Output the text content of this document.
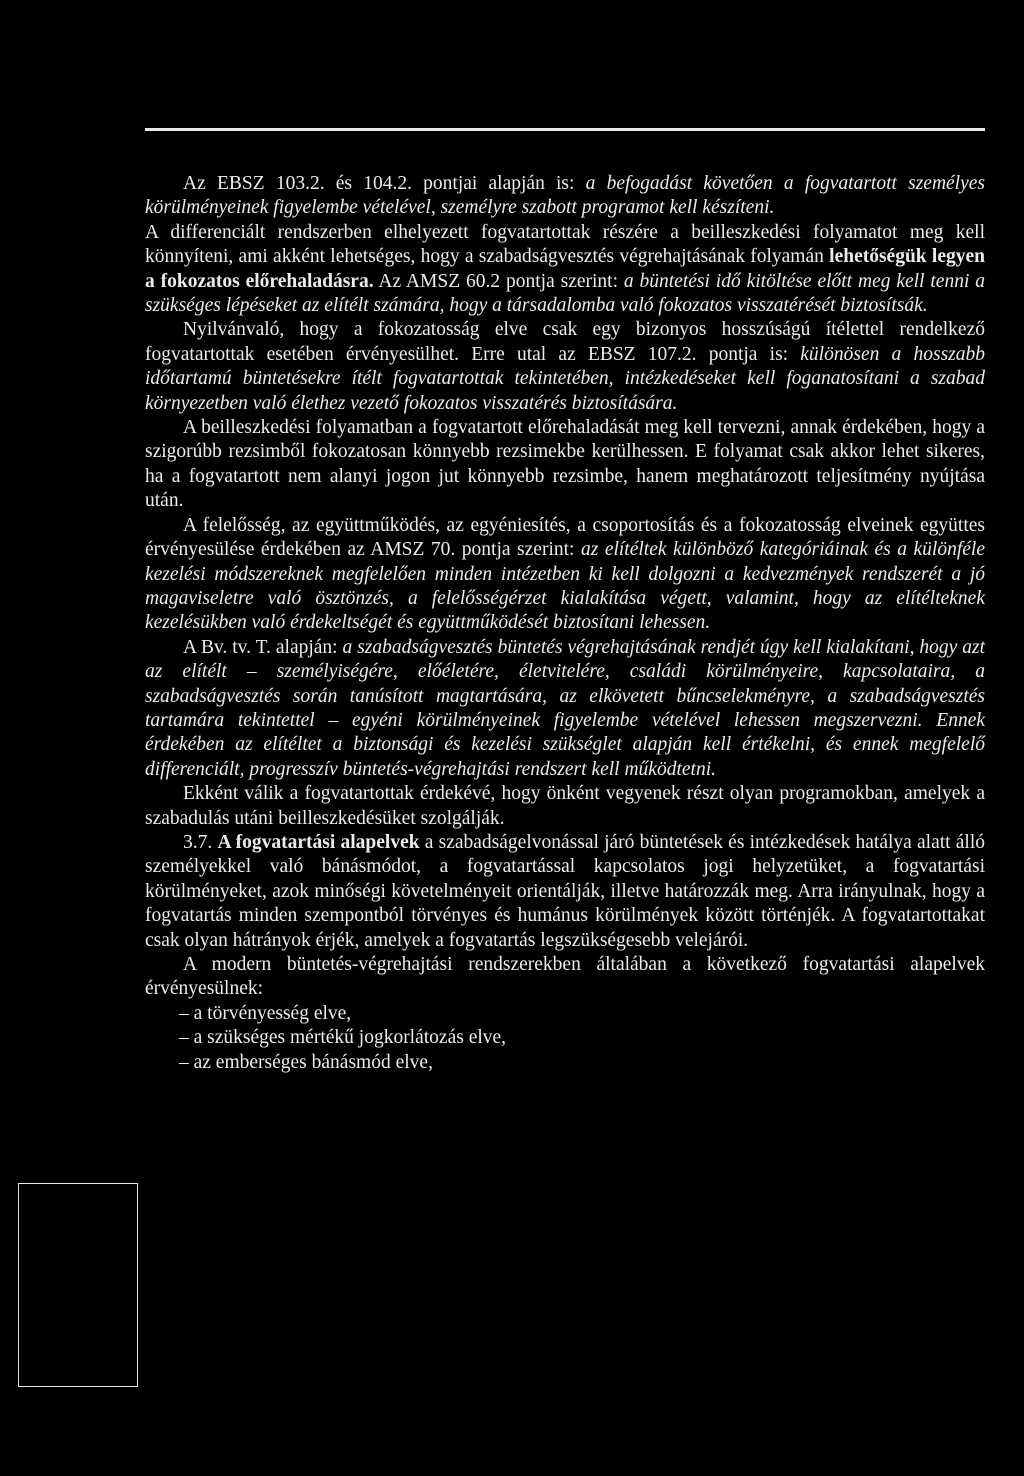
Az EBSZ 103.2. és 104.2. pontjai alapján is: a befogadást követően a fogvatartott személyes körülményeinek figyelembe vételével, személyre szabott programot kell készíteni.

A differenciált rendszerben elhelyezett fogvatartottak részére a beilleszkedési folyamatot meg kell könnyíteni, ami akként lehetséges, hogy a szabadságvesztés végrehajtásának folyamán lehetőségük legyen a fokozatos előrehaladásra. Az AMSZ 60.2 pontja szerint: a büntetési idő kitöltése előtt meg kell tenni a szükséges lépéseket az elítélt számára, hogy a társadalomba való fokozatos visszatérését biztosítsák.

Nyilvánvaló, hogy a fokozatosság elve csak egy bizonyos hosszúságú ítélettel rendelkező fogvatartottak esetében érvényesülhet. Erre utal az EBSZ 107.2. pontja is: különösen a hosszabb időtartamú büntetésekre ítélt fogvatartottak tekintetében, intézkedéseket kell foganatosítani a szabad környezetben való élethez vezető fokozatos visszatérés biztosítására.

A beilleszkedési folyamatban a fogvatartott előrehaladását meg kell tervezni, annak érdekében, hogy a szigorúbb rezsimből fokozatosan könnyebb rezsimekbe kerülhessen. E folyamat csak akkor lehet sikeres, ha a fogvatartott nem alanyi jogon jut könnyebb rezsimbe, hanem meghatározott teljesítmény nyújtása után.

A felelősség, az együttműködés, az egyéniesítés, a csoportosítás és a fokozatosság elveinek együttes érvényesülése érdekében az AMSZ 70. pontja szerint: az elítéltek különböző kategóriáinak és a különféle kezelési módszereknek megfelelően minden intézetben ki kell dolgozni a kedvezmények rendszerét a jó magaviseletre való ösztönzés, a felelősségérzet kialakítása végett, valamint, hogy az elítélteknek kezelésükben való érdekeltségét és együttműködését biztosítani lehessen.

A Bv. tv. T. alapján: a szabadságvesztés büntetés végrehajtásának rendjét úgy kell kialakítani, hogy azt az elítélt – személyiségére, előéletére, életvitelére, családi körülményeire, kapcsolataira, a szabadságvesztés során tanúsított magtartására, az elkövetett bűncselekményre, a szabadságvesztés tartamára tekintettel – egyéni körülményeinek figyelembe vételével lehessen megszervezni. Ennek érdekében az elítéltet a biztonsági és kezelési szükséglet alapján kell értékelni, és ennek megfelelő differenciált, progresszív büntetés-végrehajtási rendszert kell működtetni.

Ekként válik a fogvatartottak érdekévé, hogy önként vegyenek részt olyan programokban, amelyek a szabadulás utáni beilleszkedésüket szolgálják.

3.7. A fogvatartási alapelvek a szabadságelvonással járó büntetések és intézkedések hatálya alatt álló személyekkel való bánásmódot, a fogvatartással kapcsolatos jogi helyzetüket, a fogvatartási körülményeket, azok minőségi követelményeit orientálják, illetve határozzák meg. Arra irányulnak, hogy a fogvatartás minden szempontból törvényes és humánus körülmények között történjék. A fogvatartottakat csak olyan hátrányok érjék, amelyek a fogvatartás legszükségesebb velejárói.

A modern büntetés-végrehajtási rendszerekben általában a következő fogvatartási alapelvek érvényesülnek:

– a törvényesség elve,
– a szükséges mértékű jogkorlátozás elve,
– az emberséges bánásmód elve,
